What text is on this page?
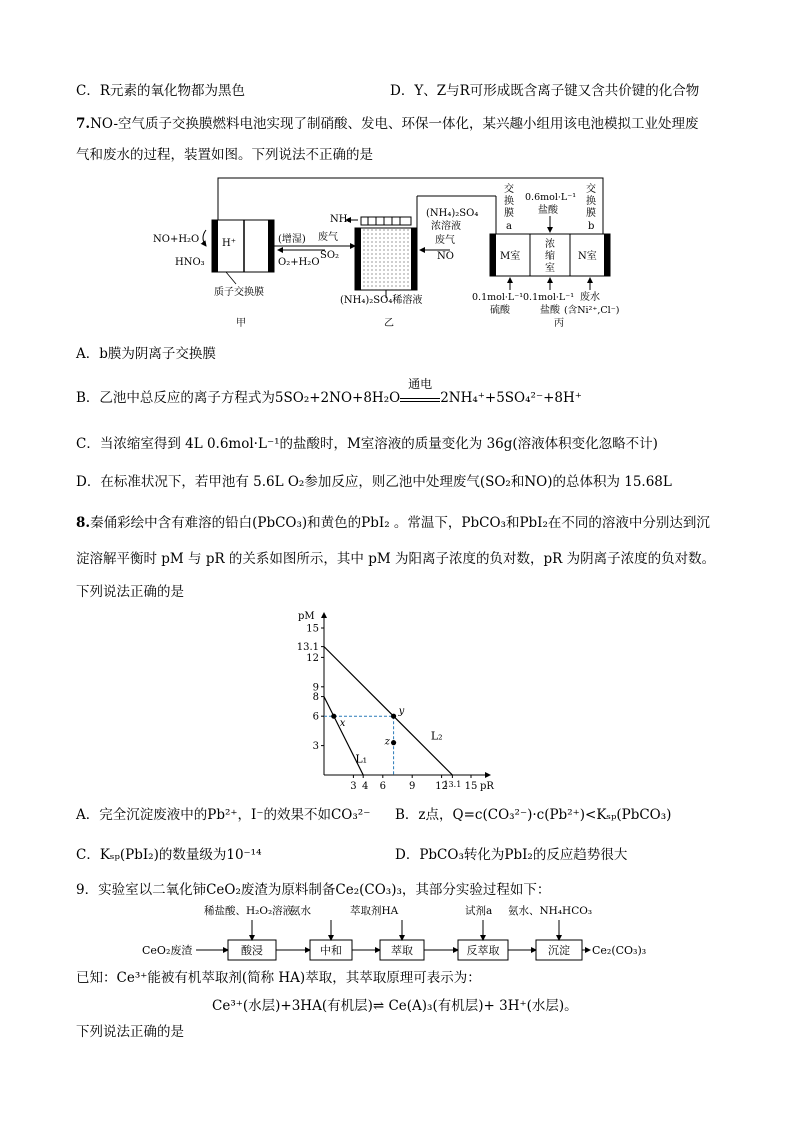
C．R元素的氧化物都为黑色	D．Y、Z与R可形成既含离子键又含共价键的化合物
7.NO-空气质子交换膜燃料电池实现了制硝酸、发电、环保一体化，某兴趣小组用该电池模拟工业处理废
气和废水的过程，装置如图。下列说法不正确的是
NO+H₂O
HNO₃
H⁺
质子交换膜
(增湿)
O₂+H₂O
甲
NH₃
废气
SO₂
(NH₄)₂SO₄
浓溶液
废气
NO
(NH₄)₂SO₄稀溶液
乙
M室
浓
缩
室
N室
交
换
膜
a
0.6mol·L⁻¹
盐酸
交
换
膜
b
0.1mol·L⁻¹
硫酸
0.1mol·L⁻¹
盐酸
废水
(含Ni²⁺,Cl⁻)
丙
A．b膜为阴离子交换膜
B．乙池中总反应的离子方程式为5SO₂+2NO+8H₂O
通电
2NH₄⁺+5SO₄²⁻+8H⁺
C．当浓缩室得到 4L 0.6mol·L⁻¹的盐酸时，M室溶液的质量变化为 36g(溶液体积变化忽略不计)
D．在标准状况下，若甲池有 5.6L O₂参加反应，则乙池中处理废气(SO₂和NO)的总体积为 15.68L
8.秦俑彩绘中含有难溶的铅白(PbCO₃)和黄色的PbI₂ 。常温下，PbCO₃和PbI₂在不同的溶液中分别达到沉
淀溶解平衡时 pM 与 pR 的关系如图所示，其中 pM 为阳离子浓度的负对数，pR 为阴离子浓度的负对数。
下列说法正确的是
pM
pR
3
6
8
9
12
13.1
15
3 4 6 9 12
13.1 15
L₁
L₂
x
y
z
A．完全沉淀废液中的Pb²⁺，I⁻的效果不如CO₃²⁻ B．z点，Q=c(CO₃²⁻)·c(Pb²⁺)<Kₛₚ(PbCO₃)
C．Kₛₚ(PbI₂)的数量级为10⁻¹⁴	D．PbCO₃转化为PbI₂的反应趋势很大
9．实验室以二氧化铈CeO₂废渣为原料制备Ce₂(CO₃)₃，其部分实验过程如下：
CeO₂废渣	Ce₂(CO₃)₃
酸浸
稀盐酸、H₂O₂溶液
中和
氨水
萃取
萃取剂HA
反萃取
试剂a
沉淀
氨水、NH₄HCO₃
已知：Ce³⁺能被有机萃取剂(简称 HA)萃取，其萃取原理可表示为：
Ce³⁺(水层)+3HA(有机层)⇌ Ce(A)₃(有机层)+ 3H⁺(水层)。
下列说法正确的是
